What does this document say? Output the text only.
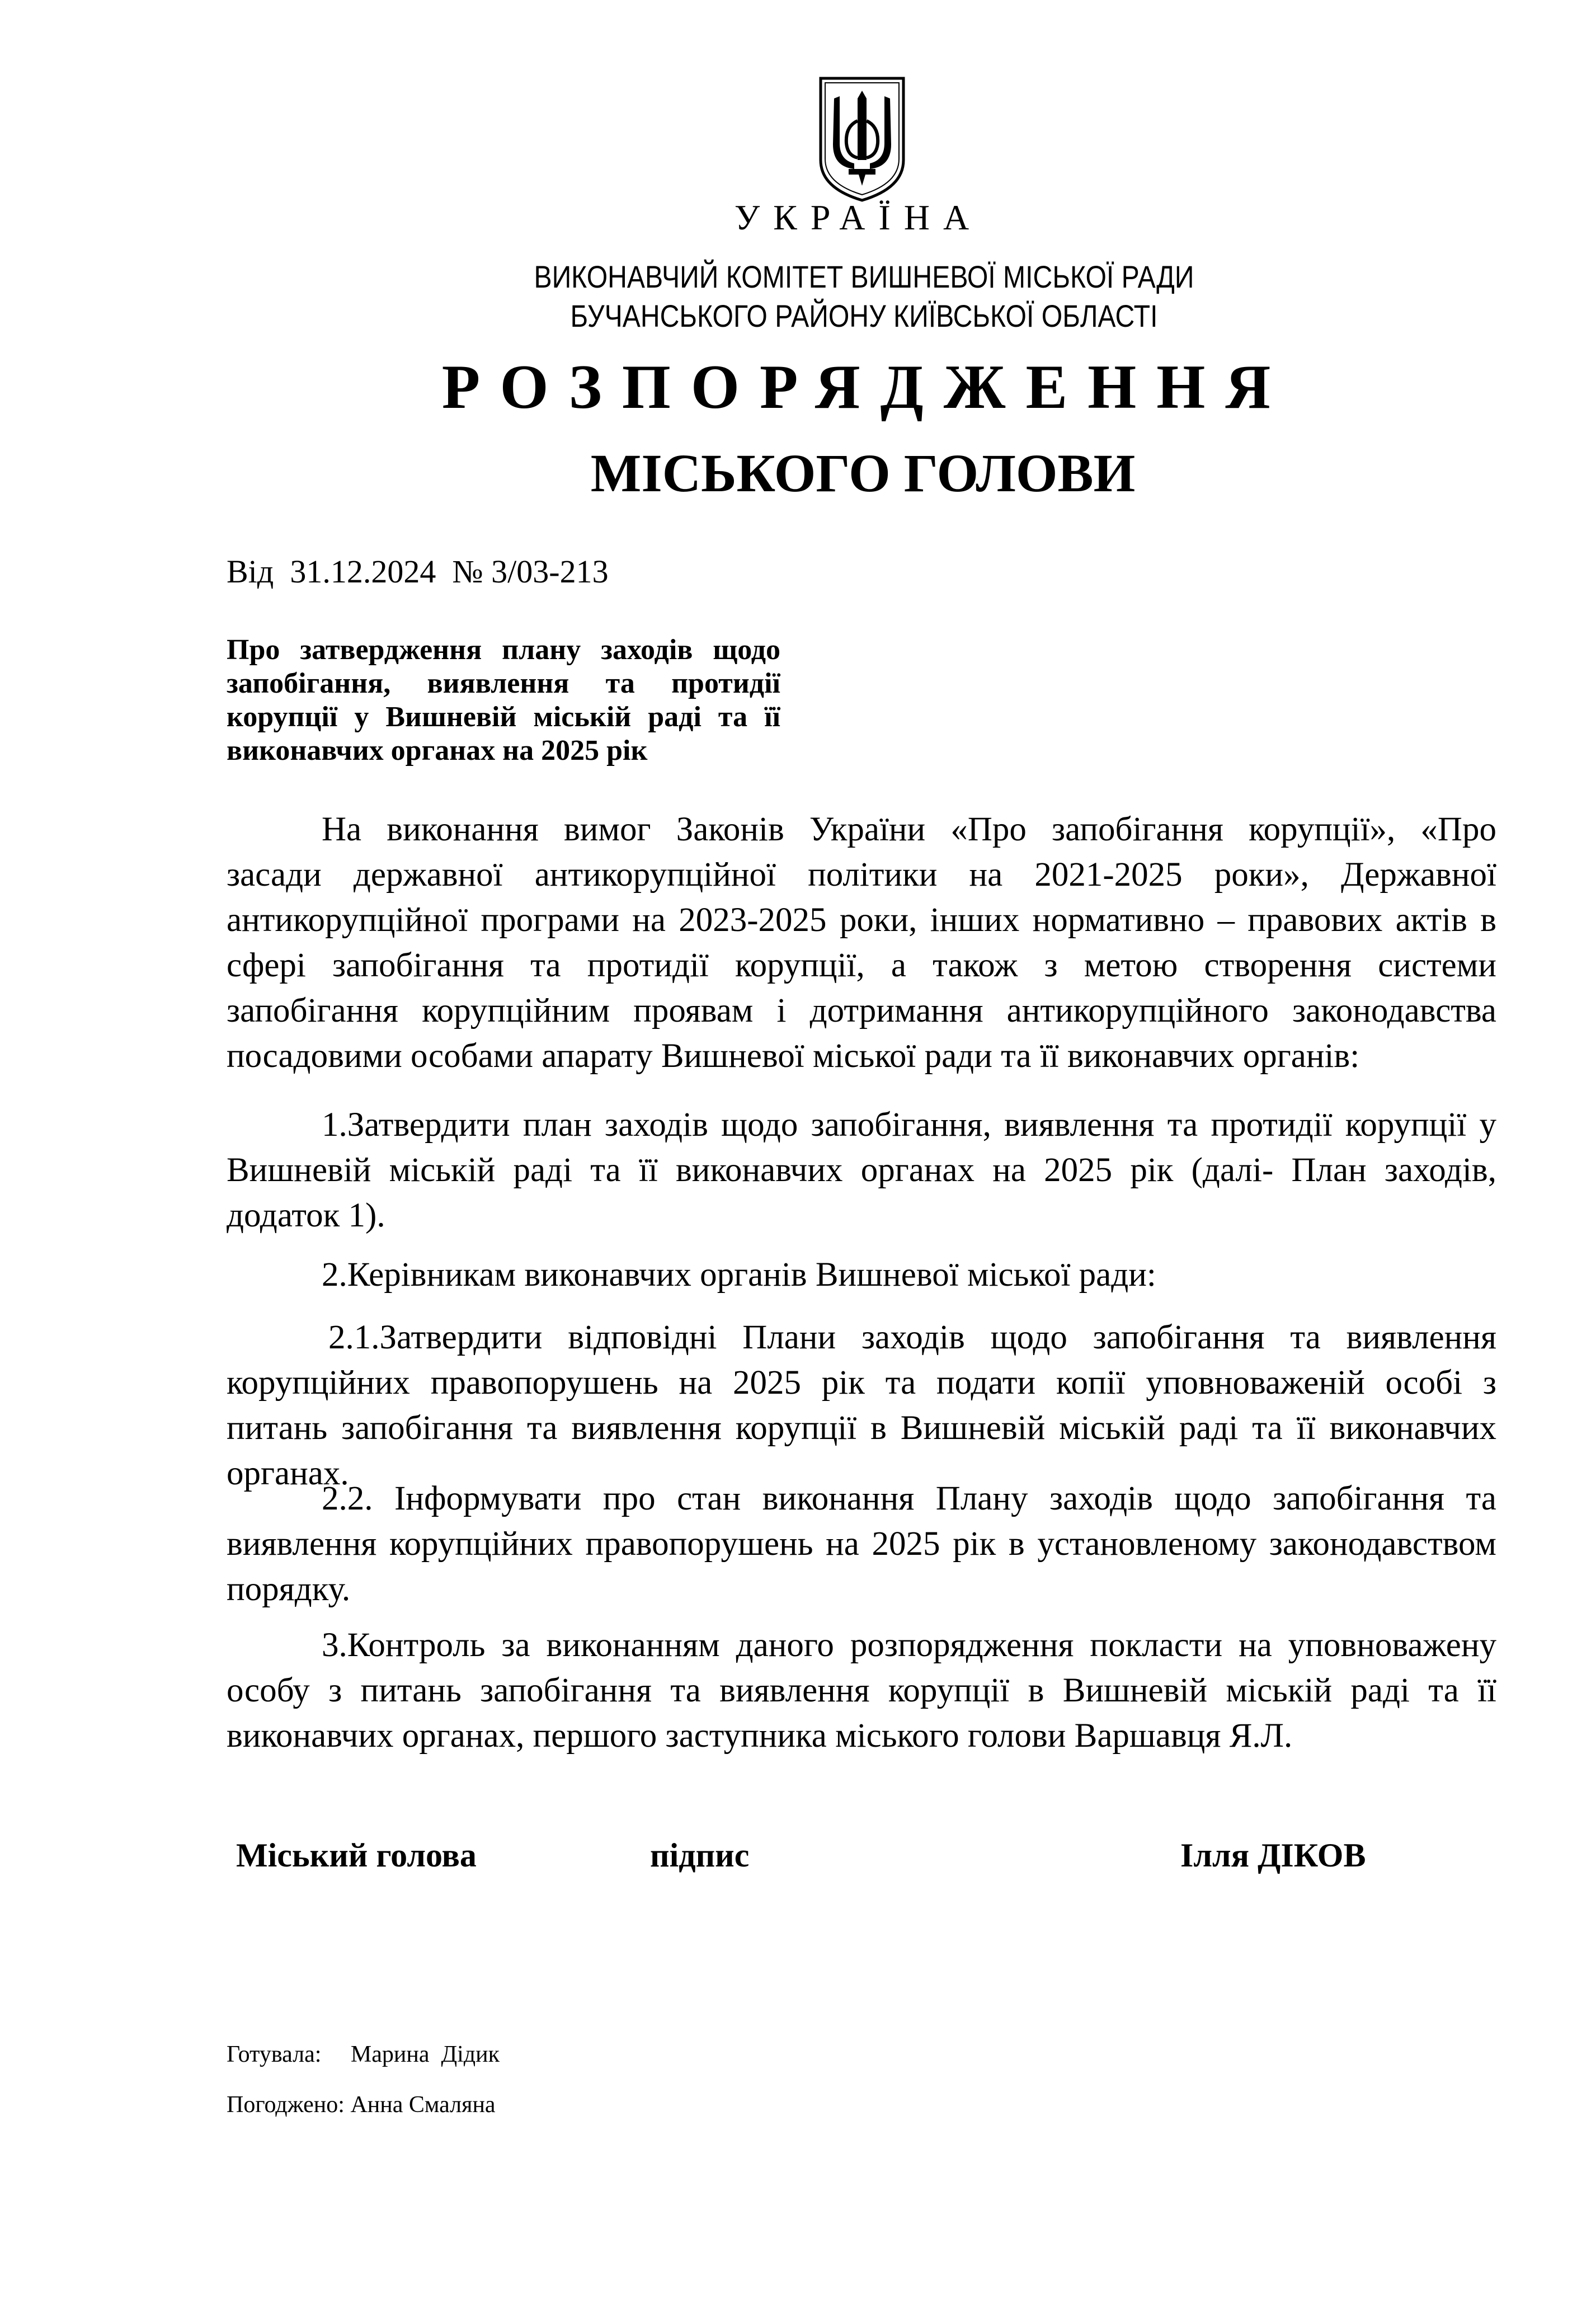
УКРАЇНА
ВИКОНАВЧИЙ КОМІТЕТ ВИШНЕВОЇ МІСЬКОЇ РАДИ
БУЧАНСЬКОГО РАЙОНУ КИЇВСЬКОЇ ОБЛАСТІ
РОЗПОРЯДЖЕННЯ
МІСЬКОГО ГОЛОВИ
Від 31.12.2024 № 3/03-213
Про затвердження плану заходів щодо
запобігання, виявлення та протидії
корупції у Вишневій міській раді та її
виконавчих органах на 2025 рік
На виконання вимог Законів України «Про запобігання корупції», «Про
засади державної антикорупційної політики на 2021-2025 роки», Державної
антикорупційної програми на 2023-2025 роки, інших нормативно – правових актів в
сфері запобігання та протидії корупції, а також з метою створення системи
запобігання корупційним проявам і дотримання антикорупційного законодавства
посадовими особами апарату Вишневої міської ради та її виконавчих органів:
1.Затвердити план заходів щодо запобігання, виявлення та протидії корупції у
Вишневій міській раді та її виконавчих органах на 2025 рік (далі- План заходів,
додаток 1).
2.Керівникам виконавчих органів Вишневої міської ради:
2.1.Затвердити відповідні Плани заходів щодо запобігання та виявлення
корупційних правопорушень на 2025 рік та подати копії уповноваженій особі з
питань запобігання та виявлення корупції в Вишневій міській раді та її виконавчих
органах.
2.2. Інформувати про стан виконання Плану заходів щодо запобігання та
виявлення корупційних правопорушень на 2025 рік в установленому законодавством
порядку.
3.Контроль за виконанням даного розпорядження покласти на уповноважену
особу з питань запобігання та виявлення корупції в Вишневій міській раді та її
виконавчих органах, першого заступника міського голови Варшавця Я.Л.
Міський голова	підпис	Ілля ДІКОВ
Готувала: Марина  Дідик
Погоджено: Анна Смаляна
